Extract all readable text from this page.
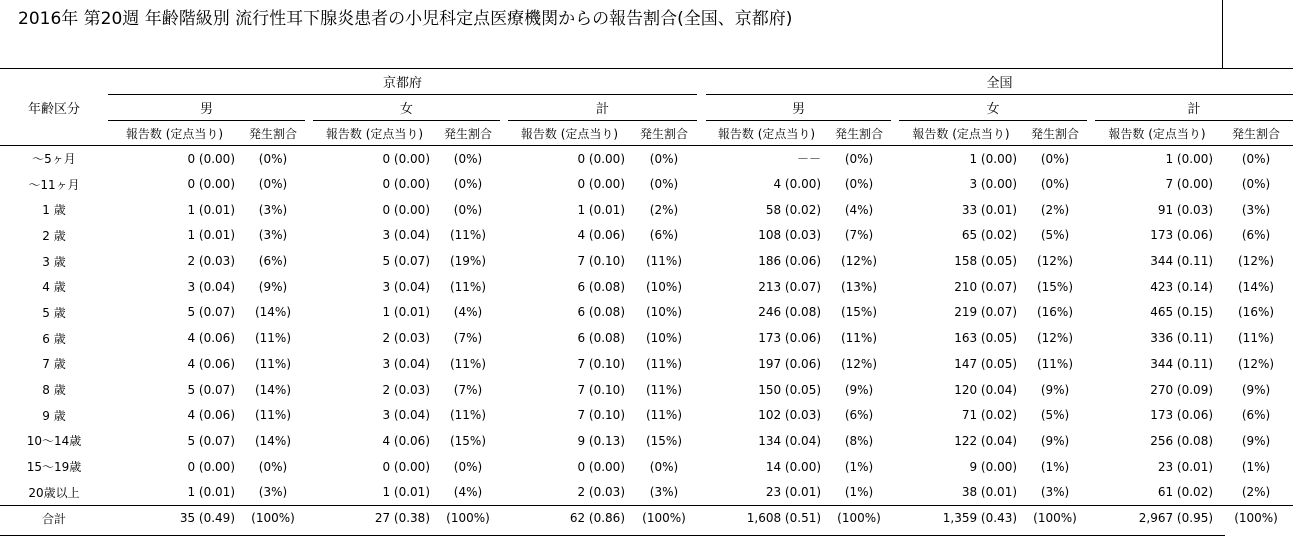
2016年 第20週 年齢階級別 流行性耳下腺炎患者の小児科定点医療機関からの報告割合(全国、京都府)
年齢区分	京都府									全国							
	男			女			計			男			女			計	
	報告数 (定点当り)	発生割合		報告数 (定点当り)	発生割合		報告数 (定点当り)	発生割合		報告数 (定点当り)	発生割合		報告数 (定点当り)	発生割合		報告数 (定点当り)	発生割合
～5ヶ月	0 (0.00)	(0%)		0 (0.00)	(0%)		0 (0.00)	(0%)		－－	(0%)		1 (0.00)	(0%)		1 (0.00)	(0%)
～11ヶ月	0 (0.00)	(0%)		0 (0.00)	(0%)		0 (0.00)	(0%)		4 (0.00)	(0%)		3 (0.00)	(0%)		7 (0.00)	(0%)
1 歳	1 (0.01)	(3%)		0 (0.00)	(0%)		1 (0.01)	(2%)		58 (0.02)	(4%)		33 (0.01)	(2%)		91 (0.03)	(3%)
2 歳	1 (0.01)	(3%)		3 (0.04)	(11%)		4 (0.06)	(6%)		108 (0.03)	(7%)		65 (0.02)	(5%)		173 (0.06)	(6%)
3 歳	2 (0.03)	(6%)		5 (0.07)	(19%)		7 (0.10)	(11%)		186 (0.06)	(12%)		158 (0.05)	(12%)		344 (0.11)	(12%)
4 歳	3 (0.04)	(9%)		3 (0.04)	(11%)		6 (0.08)	(10%)		213 (0.07)	(13%)		210 (0.07)	(15%)		423 (0.14)	(14%)
5 歳	5 (0.07)	(14%)		1 (0.01)	(4%)		6 (0.08)	(10%)		246 (0.08)	(15%)		219 (0.07)	(16%)		465 (0.15)	(16%)
6 歳	4 (0.06)	(11%)		2 (0.03)	(7%)		6 (0.08)	(10%)		173 (0.06)	(11%)		163 (0.05)	(12%)		336 (0.11)	(11%)
7 歳	4 (0.06)	(11%)		3 (0.04)	(11%)		7 (0.10)	(11%)		197 (0.06)	(12%)		147 (0.05)	(11%)		344 (0.11)	(12%)
8 歳	5 (0.07)	(14%)		2 (0.03)	(7%)		7 (0.10)	(11%)		150 (0.05)	(9%)		120 (0.04)	(9%)		270 (0.09)	(9%)
9 歳	4 (0.06)	(11%)		3 (0.04)	(11%)		7 (0.10)	(11%)		102 (0.03)	(6%)		71 (0.02)	(5%)		173 (0.06)	(6%)
10～14歳	5 (0.07)	(14%)		4 (0.06)	(15%)		9 (0.13)	(15%)		134 (0.04)	(8%)		122 (0.04)	(9%)		256 (0.08)	(9%)
15～19歳	0 (0.00)	(0%)		0 (0.00)	(0%)		0 (0.00)	(0%)		14 (0.00)	(1%)		9 (0.00)	(1%)		23 (0.01)	(1%)
20歳以上	1 (0.01)	(3%)		1 (0.01)	(4%)		2 (0.03)	(3%)		23 (0.01)	(1%)		38 (0.01)	(3%)		61 (0.02)	(2%)
合計	35 (0.49)	(100%)		27 (0.38)	(100%)		62 (0.86)	(100%)		1,608 (0.51)	(100%)		1,359 (0.43)	(100%)		2,967 (0.95)	(100%)
